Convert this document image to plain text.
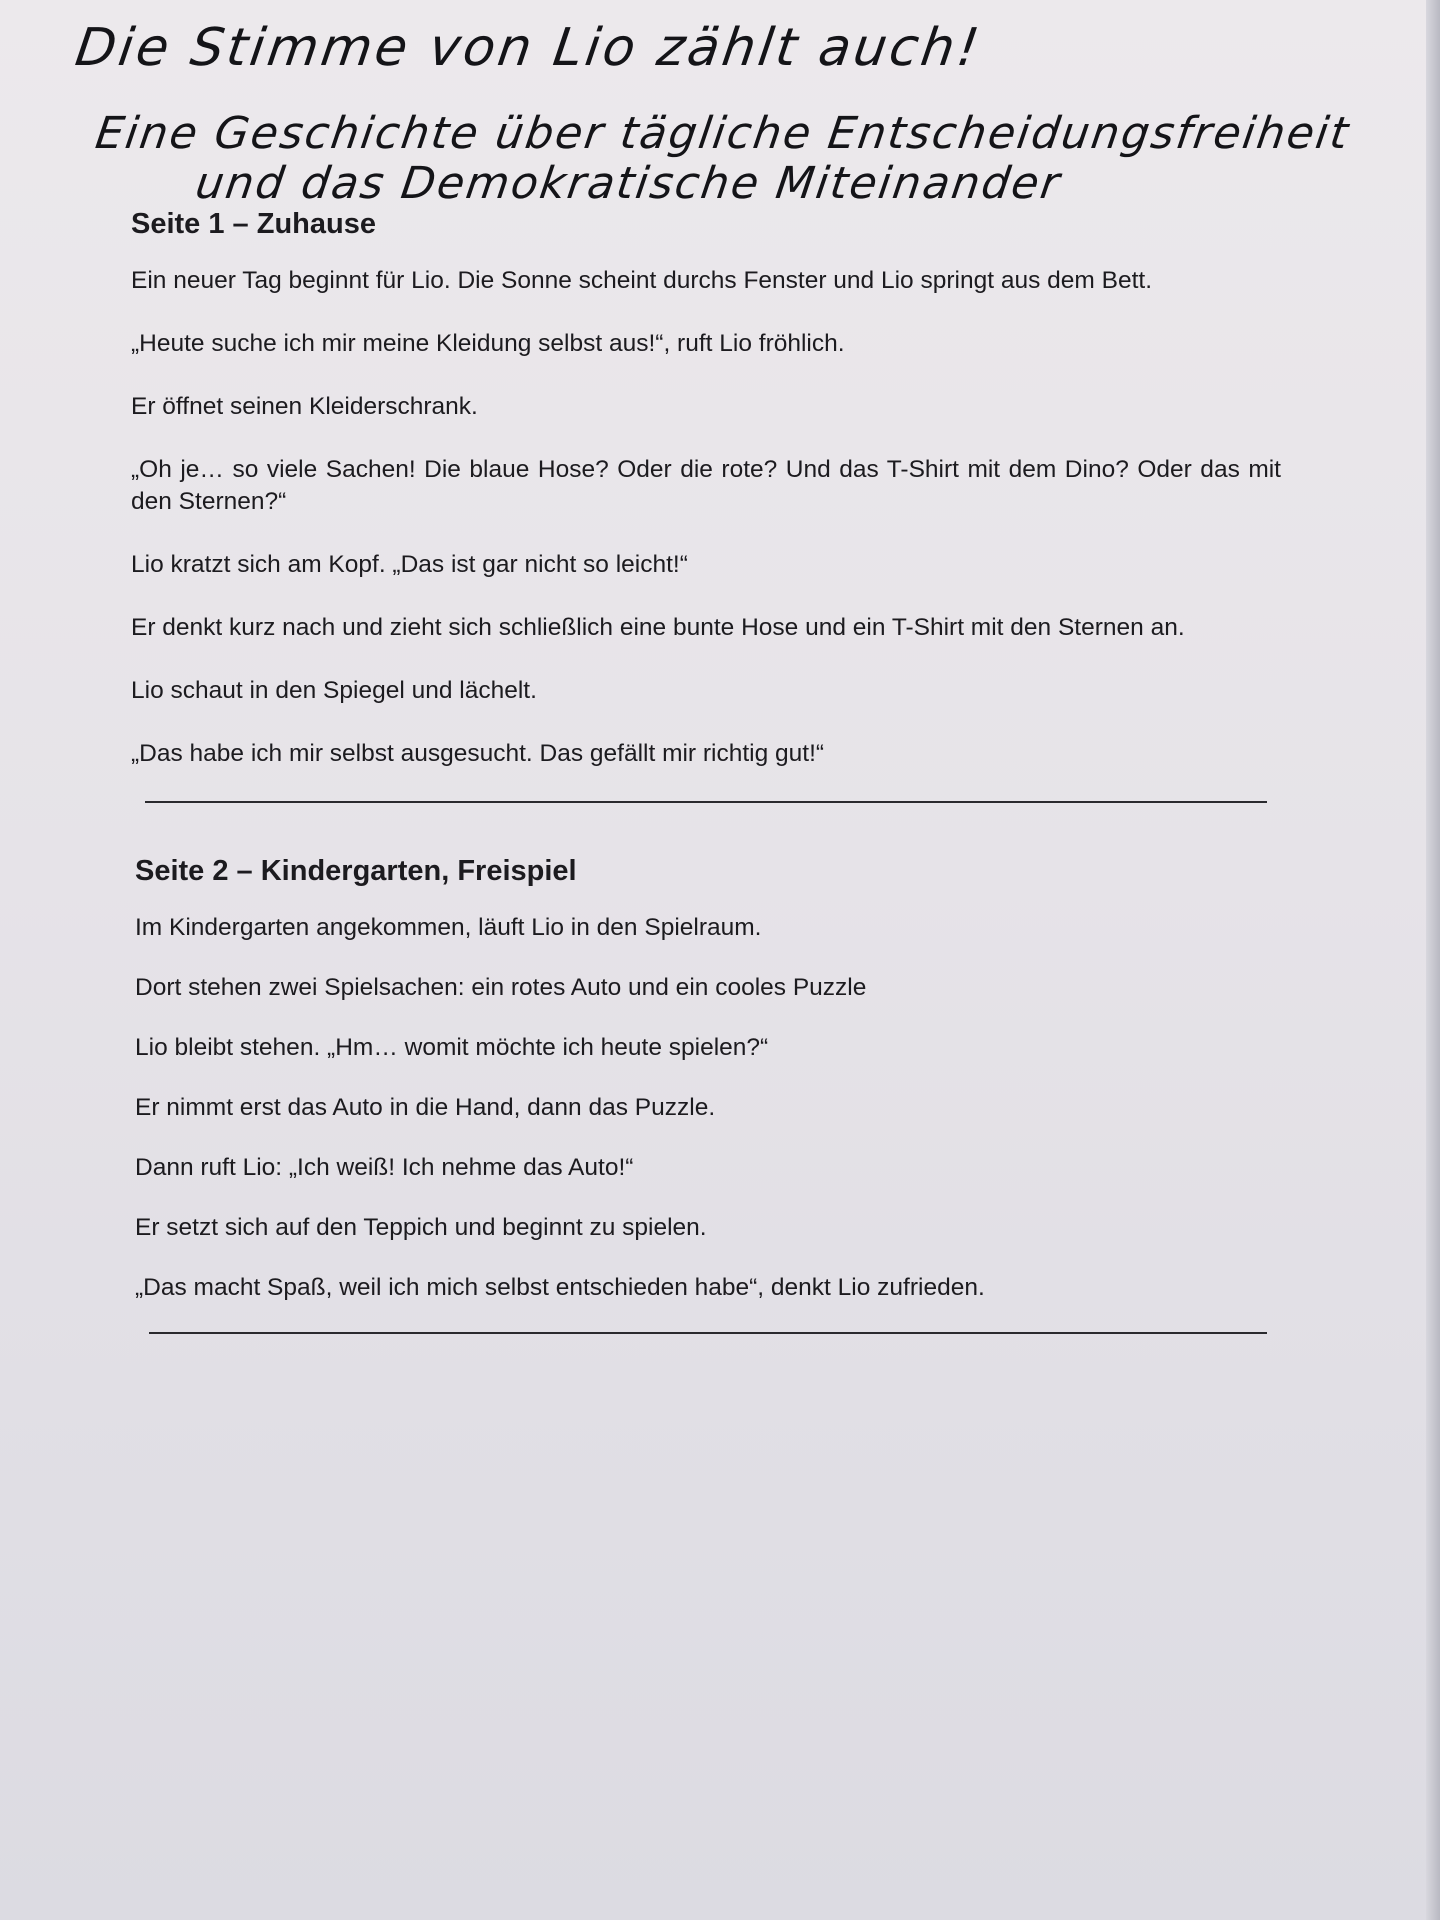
Die Stimme von Lio zählt auch!
Eine Geschichte über tägliche Entscheidungsfreiheit
und das Demokratische Miteinander
Seite 1 – Zuhause

Ein neuer Tag beginnt für Lio. Die Sonne scheint durchs Fenster und Lio springt aus dem Bett.

„Heute suche ich mir meine Kleidung selbst aus!“, ruft Lio fröhlich.

Er öffnet seinen Kleiderschrank.

„Oh je… so viele Sachen! Die blaue Hose? Oder die rote? Und das T-Shirt mit dem Dino? Oder das mit den Sternen?“

Lio kratzt sich am Kopf. „Das ist gar nicht so leicht!“

Er denkt kurz nach und zieht sich schließlich eine bunte Hose und ein T-Shirt mit den Sternen an.

Lio schaut in den Spiegel und lächelt.

„Das habe ich mir selbst ausgesucht. Das gefällt mir richtig gut!“

Seite 2 – Kindergarten, Freispiel

Im Kindergarten angekommen, läuft Lio in den Spielraum.

Dort stehen zwei Spielsachen: ein rotes Auto und ein cooles Puzzle

Lio bleibt stehen. „Hm… womit möchte ich heute spielen?“

Er nimmt erst das Auto in die Hand, dann das Puzzle.

Dann ruft Lio: „Ich weiß! Ich nehme das Auto!“

Er setzt sich auf den Teppich und beginnt zu spielen.

„Das macht Spaß, weil ich mich selbst entschieden habe“, denkt Lio zufrieden.
